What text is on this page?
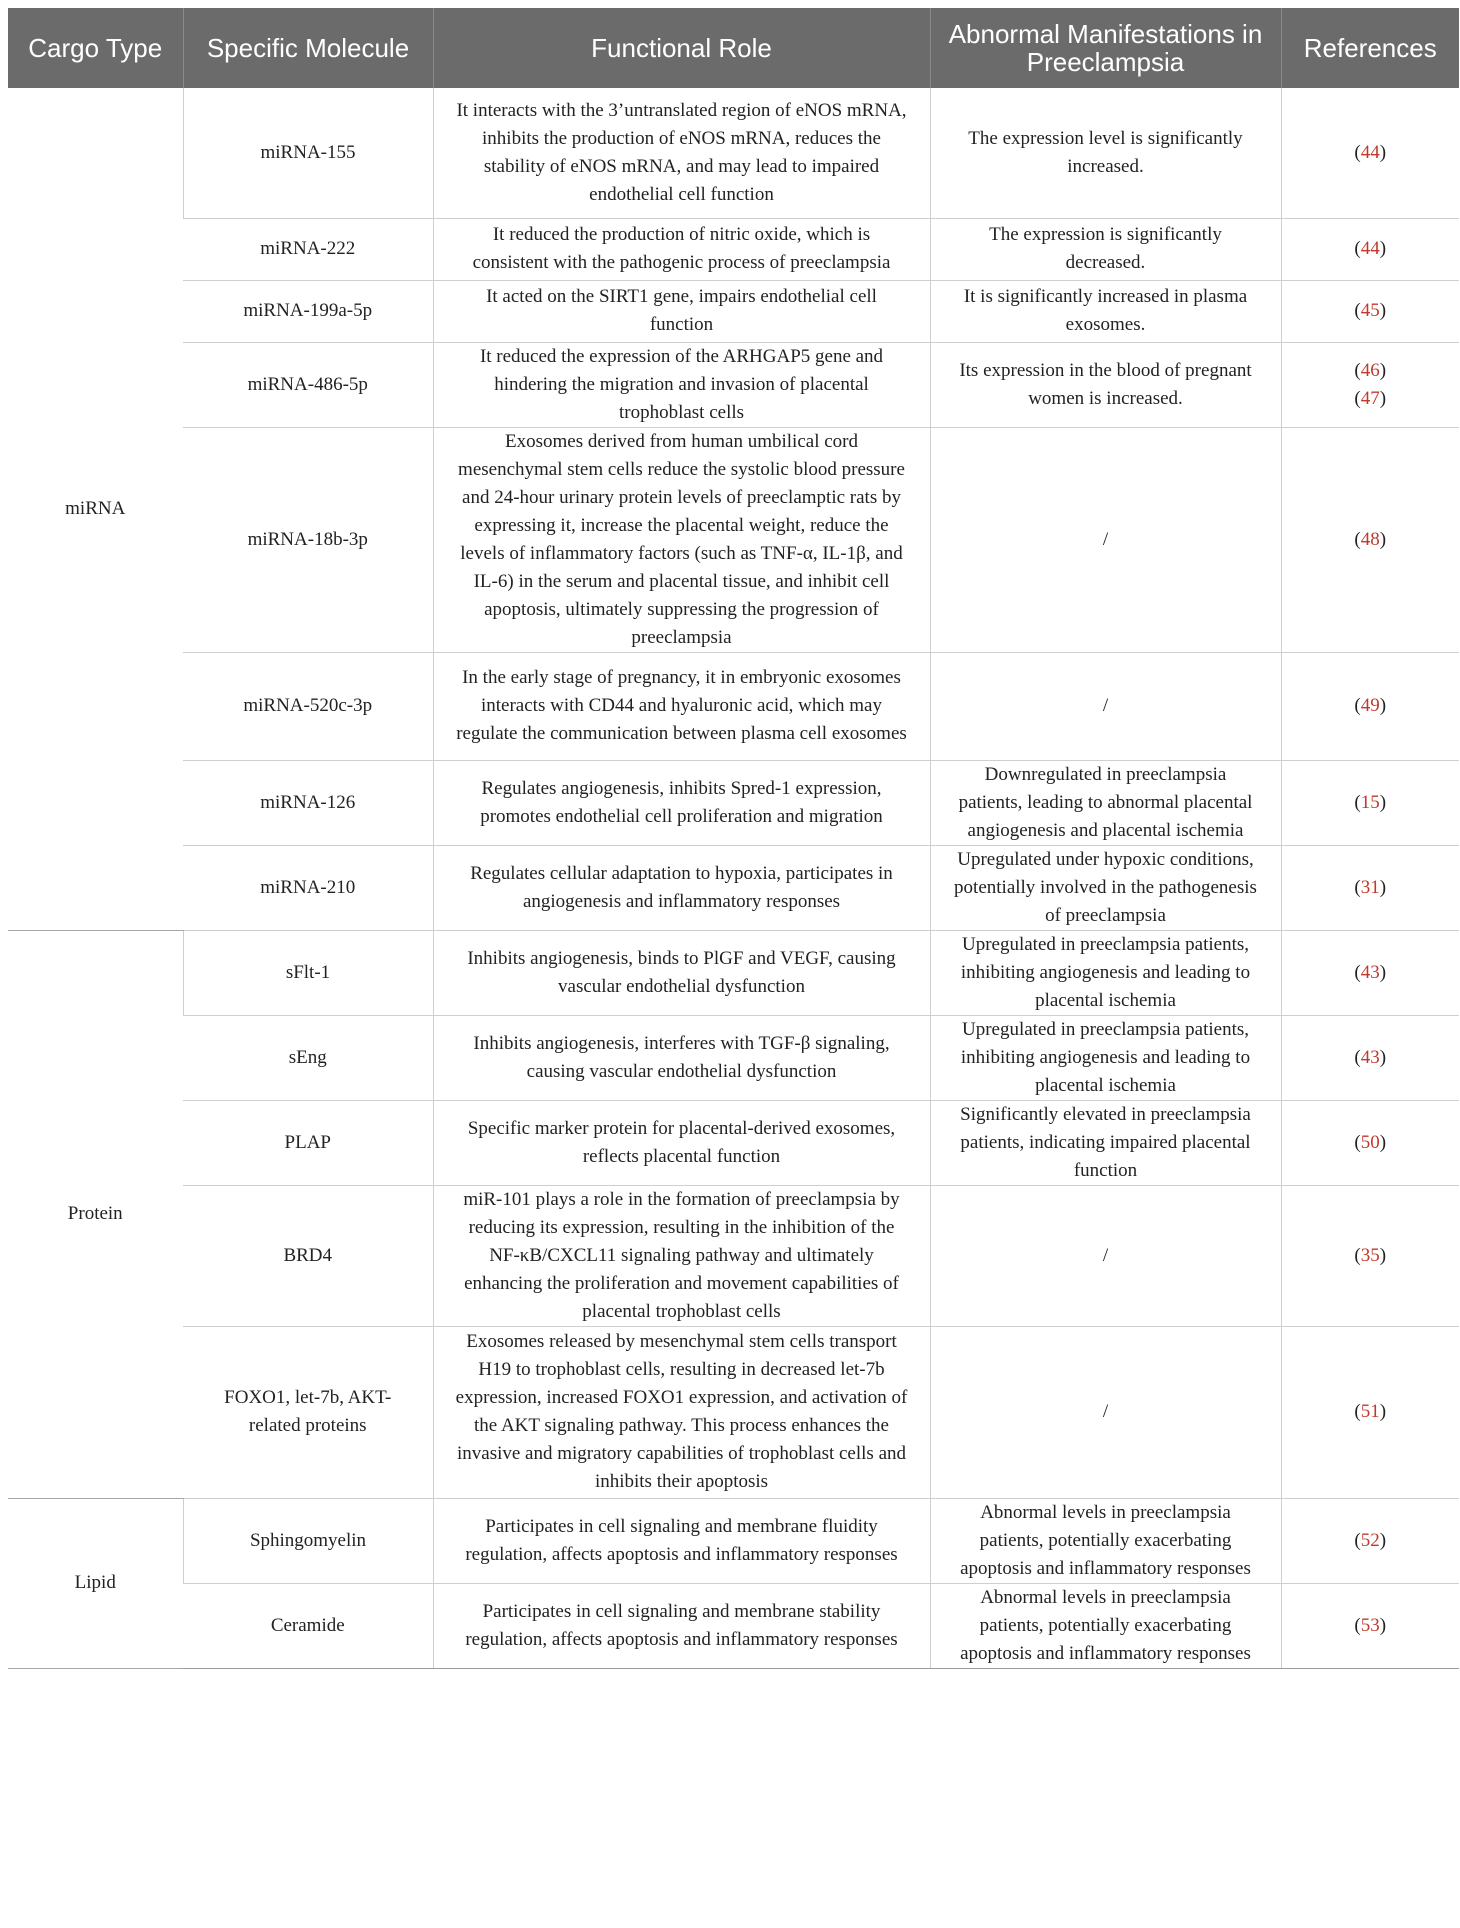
Cargo Type	Specific Molecule	Functional Role	Abnormal Manifestations in Preeclampsia	References
miRNA	miRNA-155	It interacts with the 3’untranslated region of eNOS mRNA, inhibits the production of eNOS mRNA, reduces the stability of eNOS mRNA, and may lead to impaired endothelial cell function	The expression level is significantly increased.	(44)

	miRNA-222	It reduced the production of nitric oxide, which is consistent with the pathogenic process of preeclampsia	The expression is significantly decreased.	(44)

	miRNA-199a-5p	It acted on the SIRT1 gene, impairs endothelial cell function	It is significantly increased in plasma exosomes.	(45)

	miRNA-486-5p	It reduced the expression of the ARHGAP5 gene and hindering the migration and invasion of placental trophoblast cells	Its expression in the blood of pregnant women is increased.	(46)
(47)

	miRNA-18b-3p	Exosomes derived from human umbilical cord mesenchymal stem cells reduce the systolic blood pressure and 24-hour urinary protein levels of preeclamptic rats by expressing it, increase the placental weight, reduce the levels of inflammatory factors (such as TNF-α, IL-1β, and IL-6) in the serum and placental tissue, and inhibit cell apoptosis, ultimately suppressing the progression of preeclampsia	/	(48)

	miRNA-520c-3p	In the early stage of pregnancy, it in embryonic exosomes interacts with CD44 and hyaluronic acid, which may regulate the communication between plasma cell exosomes	/	(49)

	miRNA-126	Regulates angiogenesis, inhibits Spred-1 expression, promotes endothelial cell proliferation and migration	Downregulated in preeclampsia patients, leading to abnormal placental angiogenesis and placental ischemia	(15)

	miRNA-210	Regulates cellular adaptation to hypoxia, participates in angiogenesis and inflammatory responses	Upregulated under hypoxic conditions, potentially involved in the pathogenesis of preeclampsia	(31)

Protein	sFlt-1	Inhibits angiogenesis, binds to PlGF and VEGF, causing vascular endothelial dysfunction	Upregulated in preeclampsia patients, inhibiting angiogenesis and leading to placental ischemia	(43)

	sEng	Inhibits angiogenesis, interferes with TGF-β signaling, causing vascular endothelial dysfunction	Upregulated in preeclampsia patients, inhibiting angiogenesis and leading to placental ischemia	(43)

	PLAP	Specific marker protein for placental-derived exosomes, reflects placental function	Significantly elevated in preeclampsia patients, indicating impaired placental function	(50)

	BRD4	miR-101 plays a role in the formation of preeclampsia by reducing its expression, resulting in the inhibition of the NF-κB/CXCL11 signaling pathway and ultimately enhancing the proliferation and movement capabilities of placental trophoblast cells	/	(35)

	FOXO1, let-7b, AKT-related proteins	Exosomes released by mesenchymal stem cells transport H19 to trophoblast cells, resulting in decreased let-7b expression, increased FOXO1 expression, and activation of the AKT signaling pathway. This process enhances the invasive and migratory capabilities of trophoblast cells and inhibits their apoptosis	/	(51)

Lipid	Sphingomyelin	Participates in cell signaling and membrane fluidity regulation, affects apoptosis and inflammatory responses	Abnormal levels in preeclampsia patients, potentially exacerbating apoptosis and inflammatory responses	(52)

	Ceramide	Participates in cell signaling and membrane stability regulation, affects apoptosis and inflammatory responses	Abnormal levels in preeclampsia patients, potentially exacerbating apoptosis and inflammatory responses	(53)
